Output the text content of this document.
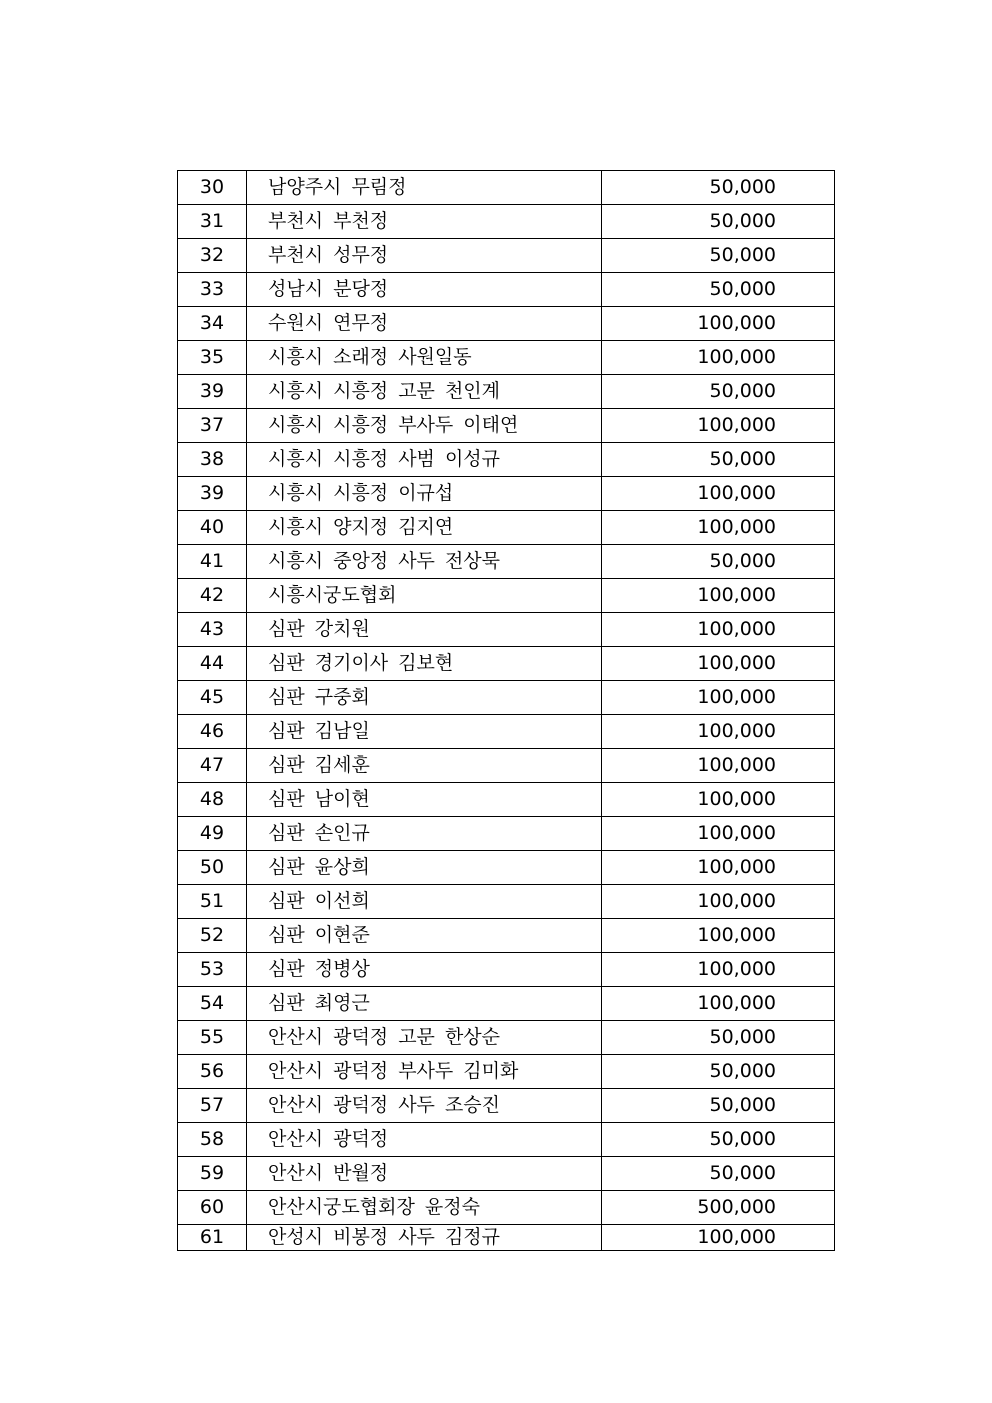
30	남양주시 무림정	50,000
31	부천시 부천정	50,000
32	부천시 성무정	50,000
33	성남시 분당정	50,000
34	수원시 연무정	100,000
35	시흥시 소래정 사원일동	100,000
39	시흥시 시흥정 고문 천인계	50,000
37	시흥시 시흥정 부사두 이태연	100,000
38	시흥시 시흥정 사범 이성규	50,000
39	시흥시 시흥정 이규섭	100,000
40	시흥시 양지정 김지연	100,000
41	시흥시 중앙정 사두 전상묵	50,000
42	시흥시궁도협회	100,000
43	심판 강치원	100,000
44	심판 경기이사 김보현	100,000
45	심판 구중회	100,000
46	심판 김남일	100,000
47	심판 김세훈	100,000
48	심판 남이현	100,000
49	심판 손인규	100,000
50	심판 윤상희	100,000
51	심판 이선희	100,000
52	심판 이현준	100,000
53	심판 정병상	100,000
54	심판 최영근	100,000
55	안산시 광덕정 고문 한상순	50,000
56	안산시 광덕정 부사두 김미화	50,000
57	안산시 광덕정 사두 조승진	50,000
58	안산시 광덕정	50,000
59	안산시 반월정	50,000
60	안산시궁도협회장 윤정숙	500,000
61	안성시 비봉정 사두 김정규	100,000
